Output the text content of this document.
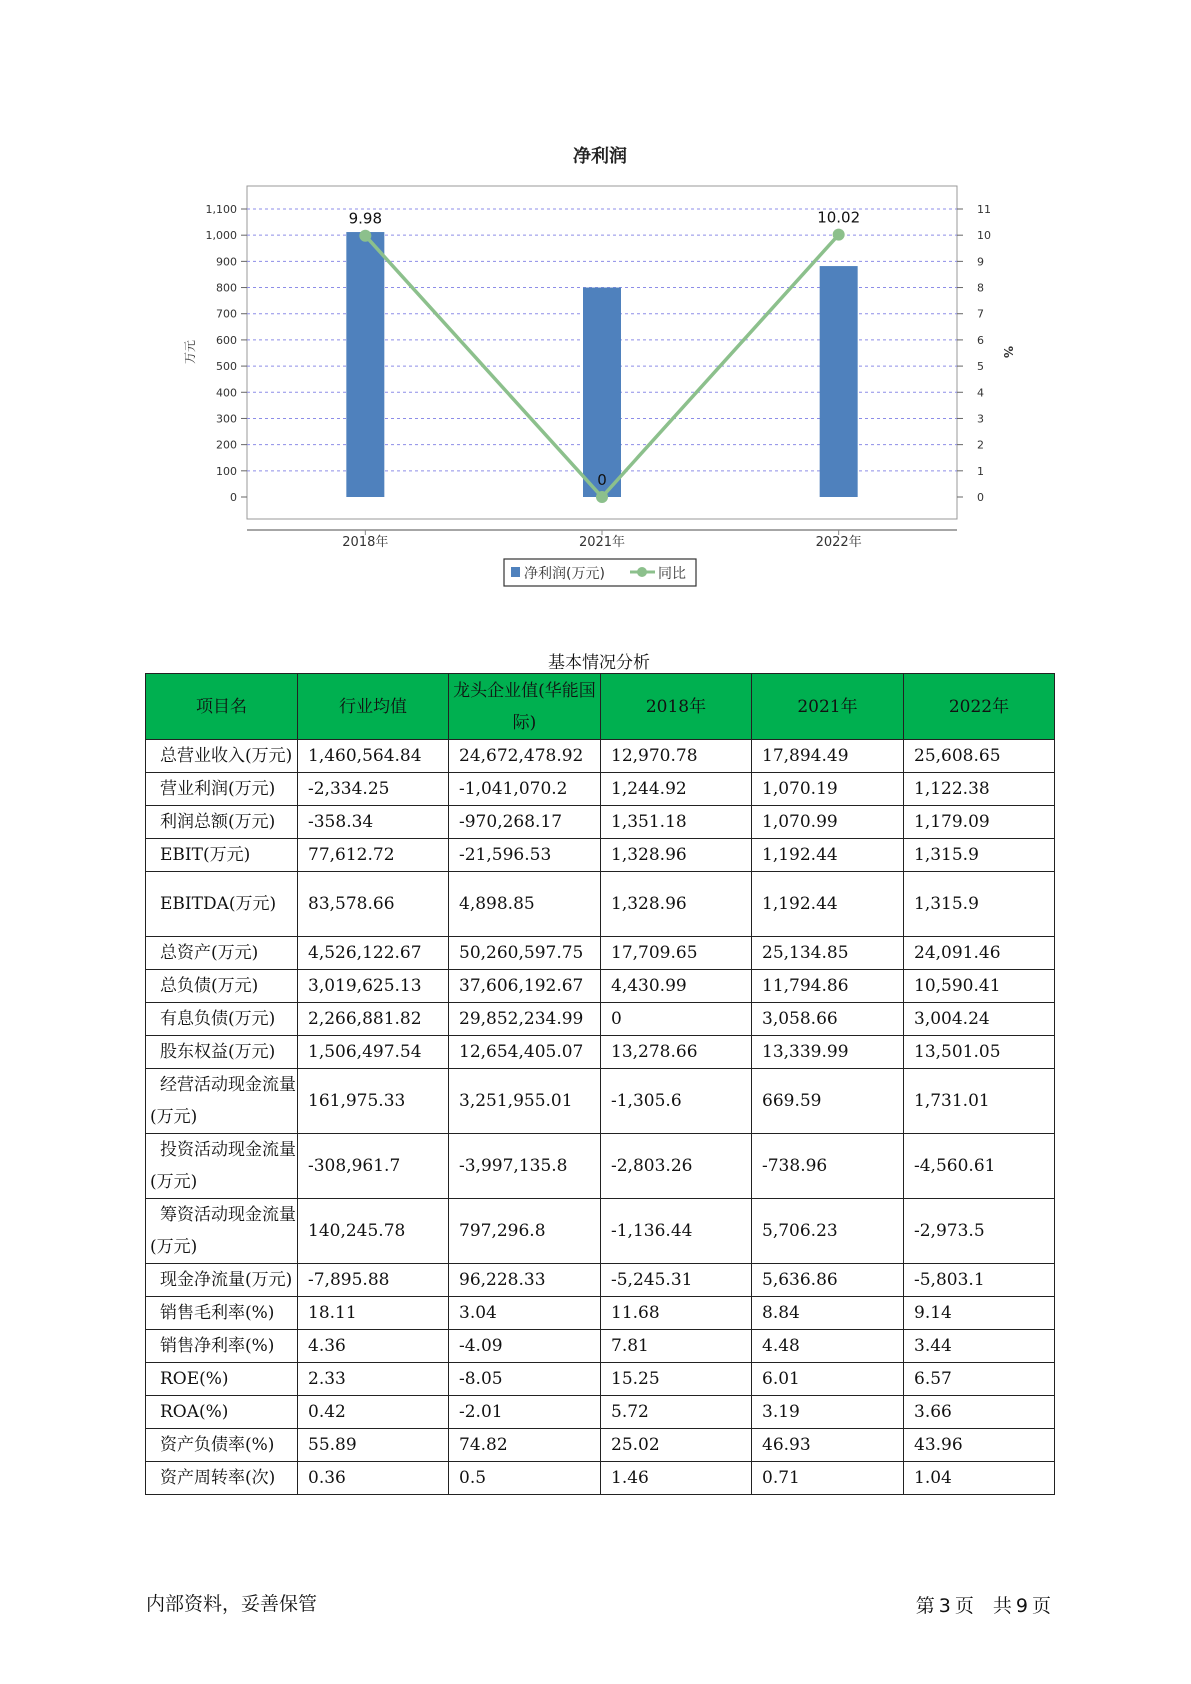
净利润
0
100
200
300
400
500
600
700
800
900
1,000
1,100
0
1
2
3
4
5
6
7
8
9
10
11
9.98
0
10.02
2018年	2021年	2022年
万元	%
净利润(万元)	同比
基本情况分析
项目名	行业均值	龙头企业值(华能国际)	2018年	2021年	2022年
总营业收入(万元)	1,460,564.84	24,672,478.92	12,970.78	17,894.49	25,608.65
营业利润(万元)	-2,334.25	-1,041,070.2	1,244.92	1,070.19	1,122.38
利润总额(万元)	-358.34	-970,268.17	1,351.18	1,070.99	1,179.09
EBIT(万元)	77,612.72	-21,596.53	1,328.96	1,192.44	1,315.9
EBITDA(万元)	83,578.66	4,898.85	1,328.96	1,192.44	1,315.9
总资产(万元)	4,526,122.67	50,260,597.75	17,709.65	25,134.85	24,091.46
总负债(万元)	3,019,625.13	37,606,192.67	4,430.99	11,794.86	10,590.41
有息负债(万元)	2,266,881.82	29,852,234.99	0	3,058.66	3,004.24
股东权益(万元)	1,506,497.54	12,654,405.07	13,278.66	13,339.99	13,501.05
经营活动现金流量(万元)	161,975.33	3,251,955.01	-1,305.6	669.59	1,731.01
投资活动现金流量(万元)	-308,961.7	-3,997,135.8	-2,803.26	-738.96	-4,560.61
筹资活动现金流量(万元)	140,245.78	797,296.8	-1,136.44	5,706.23	-2,973.5
现金净流量(万元)	-7,895.88	96,228.33	-5,245.31	5,636.86	-5,803.1
销售毛利率(%)	18.11	3.04	11.68	8.84	9.14
销售净利率(%)	4.36	-4.09	7.81	4.48	3.44
ROE(%)	2.33	-8.05	15.25	6.01	6.57
ROA(%)	0.42	-2.01	5.72	3.19	3.66
资产负债率(%)	55.89	74.82	25.02	46.93	43.96
资产周转率(次)	0.36	0.5	1.46	0.71	1.04
内部资料，妥善保管	第 3 页　共 9 页
